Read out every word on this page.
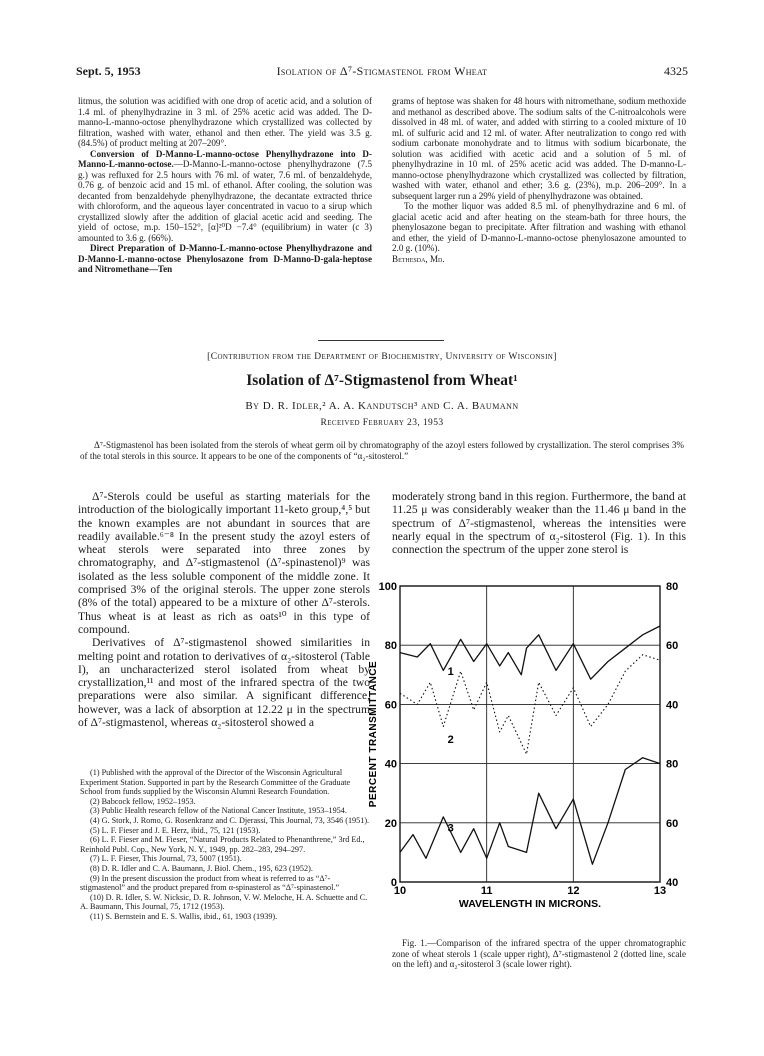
Sept. 5, 1953	Isolation of Δ⁷-Stigmastenol from Wheat	4325

litmus, the solution was acidified with one drop of acetic acid, and a solution of 1.4 ml. of phenylhydrazine in 3 ml. of 25% acetic acid was added. The D-manno-L-manno-octose phenylhydrazone which crystallized was collected by filtration, washed with water, ethanol and then ether. The yield was 3.5 g. (84.5%) of product melting at 207–209°.

Conversion of D-Manno-L-manno-octose Phenylhydrazone into D-Manno-L-manno-octose.—D-Manno-L-manno-octose phenylhydrazone (7.5 g.) was refluxed for 2.5 hours with 76 ml. of water, 7.6 ml. of benzaldehyde, 0.76 g. of benzoic acid and 15 ml. of ethanol. After cooling, the solution was decanted from benzaldehyde phenylhydrazone, the decantate extracted thrice with chloroform, and the aqueous layer concentrated in vacuo to a sirup which crystallized slowly after the addition of glacial acetic acid and seeding. The yield of octose, m.p. 150–152°, [α]²⁰D −7.4° (equilibrium) in water (c 3) amounted to 3.6 g. (66%).

Direct Preparation of D-Manno-L-manno-octose Phenylhydrazone and D-Manno-L-manno-octose Phenylosazone from D-Manno-D-gala-heptose and Nitromethane—Ten

grams of heptose was shaken for 48 hours with nitromethane, sodium methoxide and methanol as described above. The sodium salts of the C-nitroalcohols were dissolved in 48 ml. of water, and added with stirring to a cooled mixture of 10 ml. of sulfuric acid and 12 ml. of water. After neutralization to congo red with sodium carbonate monohydrate and to litmus with sodium bicarbonate, the solution was acidified with acetic acid and a solution of 5 ml. of phenylhydrazine in 10 ml. of 25% acetic acid was added. The D-manno-L-manno-octose phenylhydrazone which crystallized was collected by filtration, washed with water, ethanol and ether; 3.6 g. (23%), m.p. 206–209°. In a subsequent larger run a 29% yield of phenylhydrazone was obtained.

To the mother liquor was added 8.5 ml. of phenylhydrazine and 6 ml. of glacial acetic acid and after heating on the steam-bath for three hours, the phenylosazone began to precipitate. After filtration and washing with ethanol and ether, the yield of D-manno-L-manno-octose phenylosazone amounted to 2.0 g. (10%).

Bethesda, Md.

[Contribution from the Department of Biochemistry, University of Wisconsin]
Isolation of Δ⁷-Stigmastenol from Wheat¹
By D. R. Idler,² A. A. Kandutsch³ and C. A. Baumann
Received February 23, 1953
Δ⁷-Stigmastenol has been isolated from the sterols of wheat germ oil by chromatography of the azoyl esters followed by crystallization. The sterol comprises 3% of the total sterols in this source. It appears to be one of the components of “α₂-sitosterol.”

Δ⁷-Sterols could be useful as starting materials for the introduction of the biologically important 11-keto group,⁴,⁵ but the known examples are not abundant in sources that are readily available.⁶⁻⁸ In the present study the azoyl esters of wheat sterols were separated into three zones by chromatography, and Δ⁷-stigmastenol (Δ⁷-spinastenol)⁹ was isolated as the less soluble component of the middle zone. It comprised 3% of the original sterols. The upper zone sterols (8% of the total) appeared to be a mixture of other Δ⁷-sterols. Thus wheat is at least as rich as oats¹⁰ in this type of compound.

Derivatives of Δ⁷-stigmastenol showed similarities in melting point and rotation to derivatives of α₂-sitosterol (Table I), an uncharacterized sterol isolated from wheat by crystallization,¹¹ and most of the infrared spectra of the two preparations were also similar. A significant difference, however, was a lack of absorption at 12.22 μ in the spectrum of Δ⁷-stigmastenol, whereas α₂-sitosterol showed a

(1) Published with the approval of the Director of the Wisconsin Agricultural Experiment Station. Supported in part by the Research Committee of the Graduate School from funds supplied by the Wisconsin Alumni Research Foundation.

(2) Babcock fellow, 1952–1953.

(3) Public Health research fellow of the National Cancer Institute, 1953–1954.

(4) G. Stork, J. Romo, G. Rosenkranz and C. Djerassi, This Journal, 73, 3546 (1951).

(5) L. F. Fieser and J. E. Herz, ibid., 75, 121 (1953).

(6) L. F. Fieser and M. Fieser, “Natural Products Related to Phenanthrene,” 3rd Ed., Reinhold Publ. Cop., New York, N. Y., 1949, pp. 282–283, 294–297.

(7) L. F. Fieser, This Journal, 73, 5007 (1951).

(8) D. R. Idler and C. A. Baumann, J. Biol. Chem., 195, 623 (1952).

(9) In the present discussion the product from wheat is referred to as “Δ⁷-stigmastenol” and the product prepared from α-spinasterol as “Δ⁷-spinastenol.”

(10) D. R. Idler, S. W. Nicksic, D. R. Johnson, V. W. Meloche, H. A. Schuette and C. A. Baumann, This Journal, 75, 1712 (1953).

(11) S. Bernstein and E. S. Wallis, ibid., 61, 1903 (1939).

moderately strong band in this region. Furthermore, the band at 11.25 μ was considerably weaker than the 11.46 μ band in the spectrum of Δ⁷-stigmastenol, whereas the intensities were nearly equal in the spectrum of α₂-sitosterol (Fig. 1). In this connection the spectrum of the upper zone sterol is

100
80
60
40
20
0
80
60
40
80
60
40
10	11	12	13
1
2
3
PERCENT TRANSMITTANCE
WAVELENGTH IN MICRONS.
Fig. 1.—Comparison of the infrared spectra of the upper chromatographic zone of wheat sterols 1 (scale upper right), Δ⁷-stigmastenol 2 (dotted line, scale on the left) and α₂-sitosterol 3 (scale lower right).
